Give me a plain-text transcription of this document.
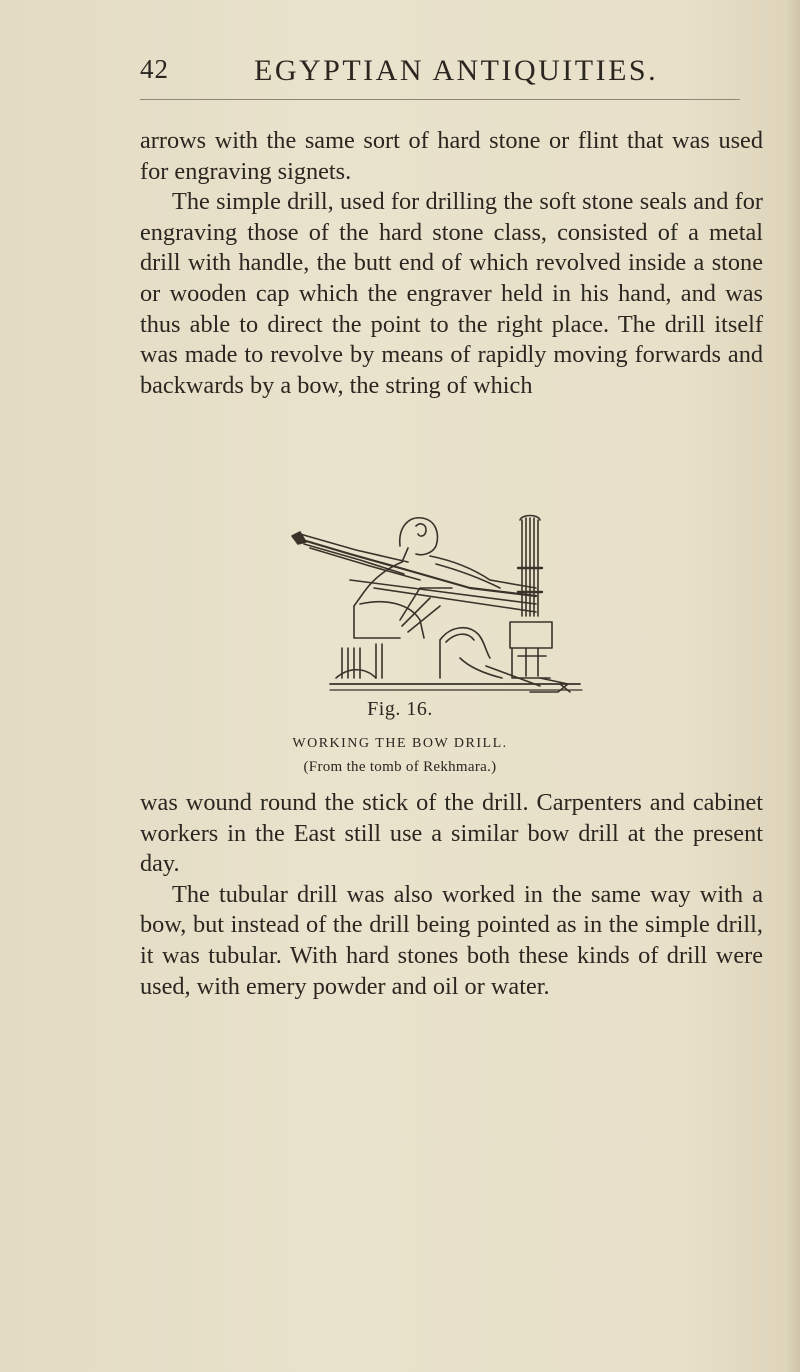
42	EGYPTIAN ANTIQUITIES.

arrows with the same sort of hard stone or flint that was used for engraving signets.

The simple drill, used for drilling the soft stone seals and for engraving those of the hard stone class, consisted of a metal drill with handle, the butt end of which revolved inside a stone or wooden cap which the engraver held in his hand, and was thus able to direct the point to the right place. The drill itself was made to revolve by means of rapidly moving forwards and backwards by a bow, the string of which

Fig. 16.
WORKING THE BOW DRILL.
(From the tomb of Rekhmara.)

was wound round the stick of the drill. Carpenters and cabinet workers in the East still use a similar bow drill at the present day.

The tubular drill was also worked in the same way with a bow, but instead of the drill being pointed as in the simple drill, it was tubular. With hard stones both these kinds of drill were used, with emery powder and oil or water.
